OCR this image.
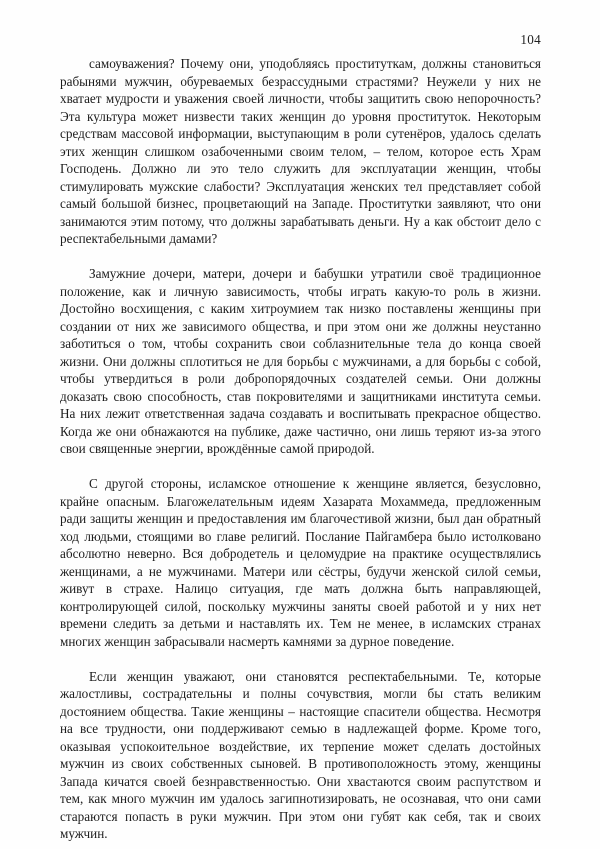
104

самоуважения? Почему они, уподобляясь проституткам, должны становиться рабынями мужчин, обуреваемых безрассудными страстями? Неужели у них не хватает мудрости и уважения своей личности, чтобы защитить свою непорочность? Эта культура может низвести таких женщин до уровня проституток. Некоторым средствам массовой информации, выступающим в роли сутенёров, удалось сделать этих женщин слишком озабоченными своим телом, – телом, которое есть Храм Господень. Должно ли это тело служить для эксплуатации женщин, чтобы стимулировать мужские слабости? Эксплуатация женских тел представляет собой самый большой бизнес, процветающий на Западе. Проститутки заявляют, что они занимаются этим потому, что должны зарабатывать деньги. Ну а как обстоит дело с респектабельными дамами?

Замужние дочери, матери, дочери и бабушки утратили своё традиционное положение, как и личную зависимость, чтобы играть какую-то роль в жизни. Достойно восхищения, с каким хитроумием так низко поставлены женщины при создании от них же зависимого общества, и при этом они же должны неустанно заботиться о том, чтобы сохранить свои соблазнительные тела до конца своей жизни. Они должны сплотиться не для борьбы с мужчинами, а для борьбы с собой, чтобы утвердиться в роли добропорядочных создателей семьи. Они должны доказать свою способность, став покровителями и защитниками института семьи. На них лежит ответственная задача создавать и воспитывать прекрасное общество. Когда же они обнажаются на публике, даже частично, они лишь теряют из-за этого свои священные энергии, врождённые самой природой.

С другой стороны, исламское отношение к женщине является, безусловно, крайне опасным. Благожелательным идеям Хазарата Мохаммеда, предложенным ради защиты женщин и предоставления им благочестивой жизни, был дан обратный ход людьми, стоящими во главе религий. Послание Пайгамбера было истолковано абсолютно неверно. Вся добродетель и целомудрие на практике осуществлялись женщинами, а не мужчинами. Матери или сёстры, будучи женской силой семьи, живут в страхе. Налицо ситуация, где мать должна быть направляющей, контролирующей силой, поскольку мужчины заняты своей работой и у них нет времени следить за детьми и наставлять их. Тем не менее, в исламских странах многих женщин забрасывали насмерть камнями за дурное поведение.

Если женщин уважают, они становятся респектабельными. Те, которые жалостливы, сострадательны и полны сочувствия, могли бы стать великим достоянием общества. Такие женщины – настоящие спасители общества. Несмотря на все трудности, они поддерживают семью в надлежащей форме. Кроме того, оказывая успокоительное воздействие, их терпение может сделать достойных мужчин из своих собственных сыновей. В противоположность этому, женщины Запада кичатся своей безнравственностью. Они хвастаются своим распутством и тем, как много мужчин им удалось загипнотизировать, не осознавая, что они сами стараются попасть в руки мужчин. При этом они губят как себя, так и своих мужчин.
